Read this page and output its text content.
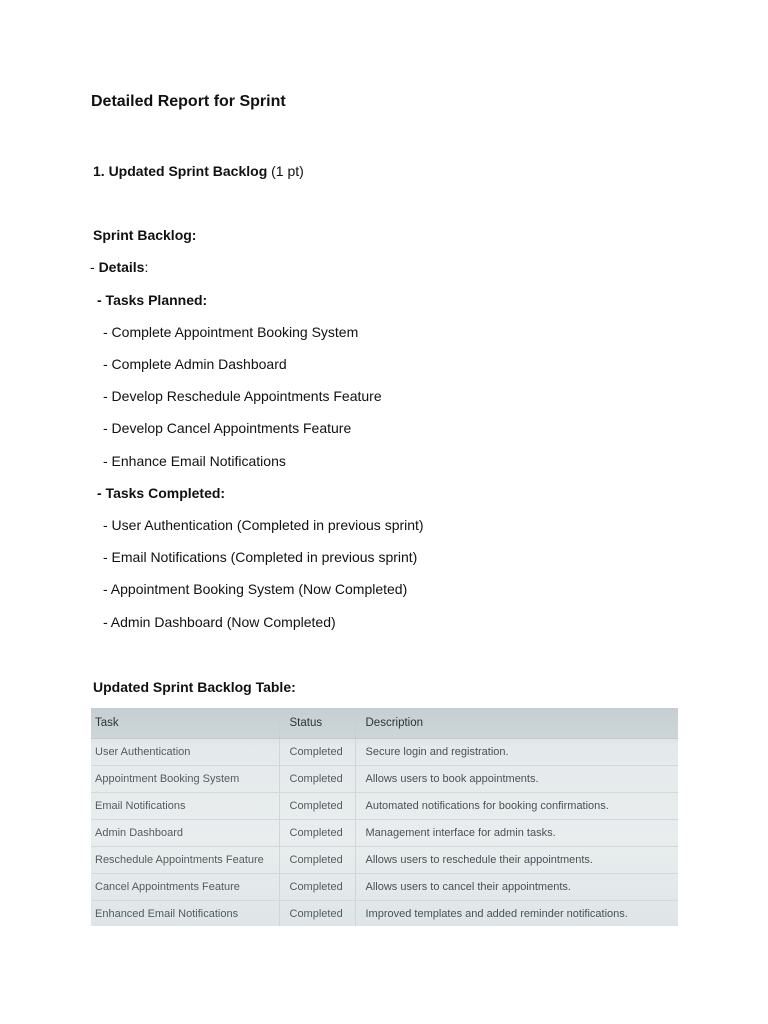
Detailed Report for Sprint
1. Updated Sprint Backlog (1 pt)
Sprint Backlog:
- Details:
- Tasks Planned:
- Complete Appointment Booking System
- Complete Admin Dashboard
- Develop Reschedule Appointments Feature
- Develop Cancel Appointments Feature
- Enhance Email Notifications
- Tasks Completed:
- User Authentication (Completed in previous sprint)
- Email Notifications (Completed in previous sprint)
- Appointment Booking System (Now Completed)
- Admin Dashboard (Now Completed)
Updated Sprint Backlog Table:
Task	Status	Description
User Authentication	Completed	Secure login and registration.
Appointment Booking System	Completed	Allows users to book appointments.
Email Notifications	Completed	Automated notifications for booking confirmations.
Admin Dashboard	Completed	Management interface for admin tasks.
Reschedule Appointments Feature	Completed	Allows users to reschedule their appointments.
Cancel Appointments Feature	Completed	Allows users to cancel their appointments.
Enhanced Email Notifications	Completed	Improved templates and added reminder notifications.
